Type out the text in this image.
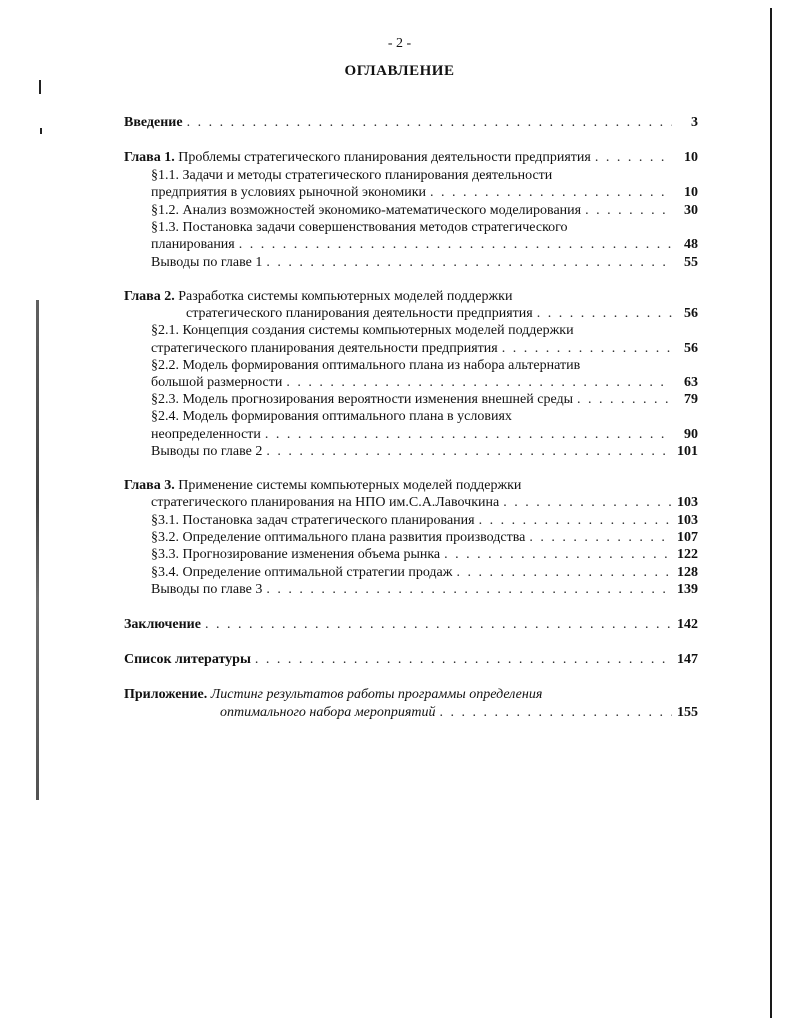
- 2 -
ОГЛАВЛЕНИЕ
Введение . . .	3
Глава 1. Проблемы стратегического планирования деятельности предприятия . . .	10
§1.1. Задачи и методы стратегического планирования деятельности
предприятия в условиях рыночной экономики . . .	10
§1.2. Анализ возможностей экономико-математического моделирования . . .	30
§1.3. Постановка задачи совершенствования методов стратегического
планирования . . .	48
Выводы по главе 1 . . .	55
Глава 2. Разработка системы компьютерных моделей поддержки
стратегического планирования деятельности предприятия . . .	56
§2.1. Концепция создания системы компьютерных моделей поддержки
стратегического планирования деятельности предприятия . . .	56
§2.2. Модель формирования оптимального плана из набора альтернатив
большой размерности . . .	63
§2.3. Модель прогнозирования вероятности изменения внешней среды . . .	79
§2.4. Модель формирования оптимального плана в условиях
неопределенности . . .	90
Выводы по главе 2 . . .	101
Глава 3. Применение системы компьютерных моделей поддержки
стратегического планирования на НПО им.С.А.Лавочкина . . .	103
§3.1. Постановка задач стратегического планирования . . .	103
§3.2. Определение оптимального плана развития производства . . .	107
§3.3. Прогнозирование изменения объема рынка . . .	122
§3.4. Определение оптимальной стратегии продаж . . .	128
Выводы по главе 3 . . .	139
Заключение . . .	142
Список литературы . . .	147
Приложение. Листинг результатов работы программы определения
оптимального набора мероприятий . . .	155
